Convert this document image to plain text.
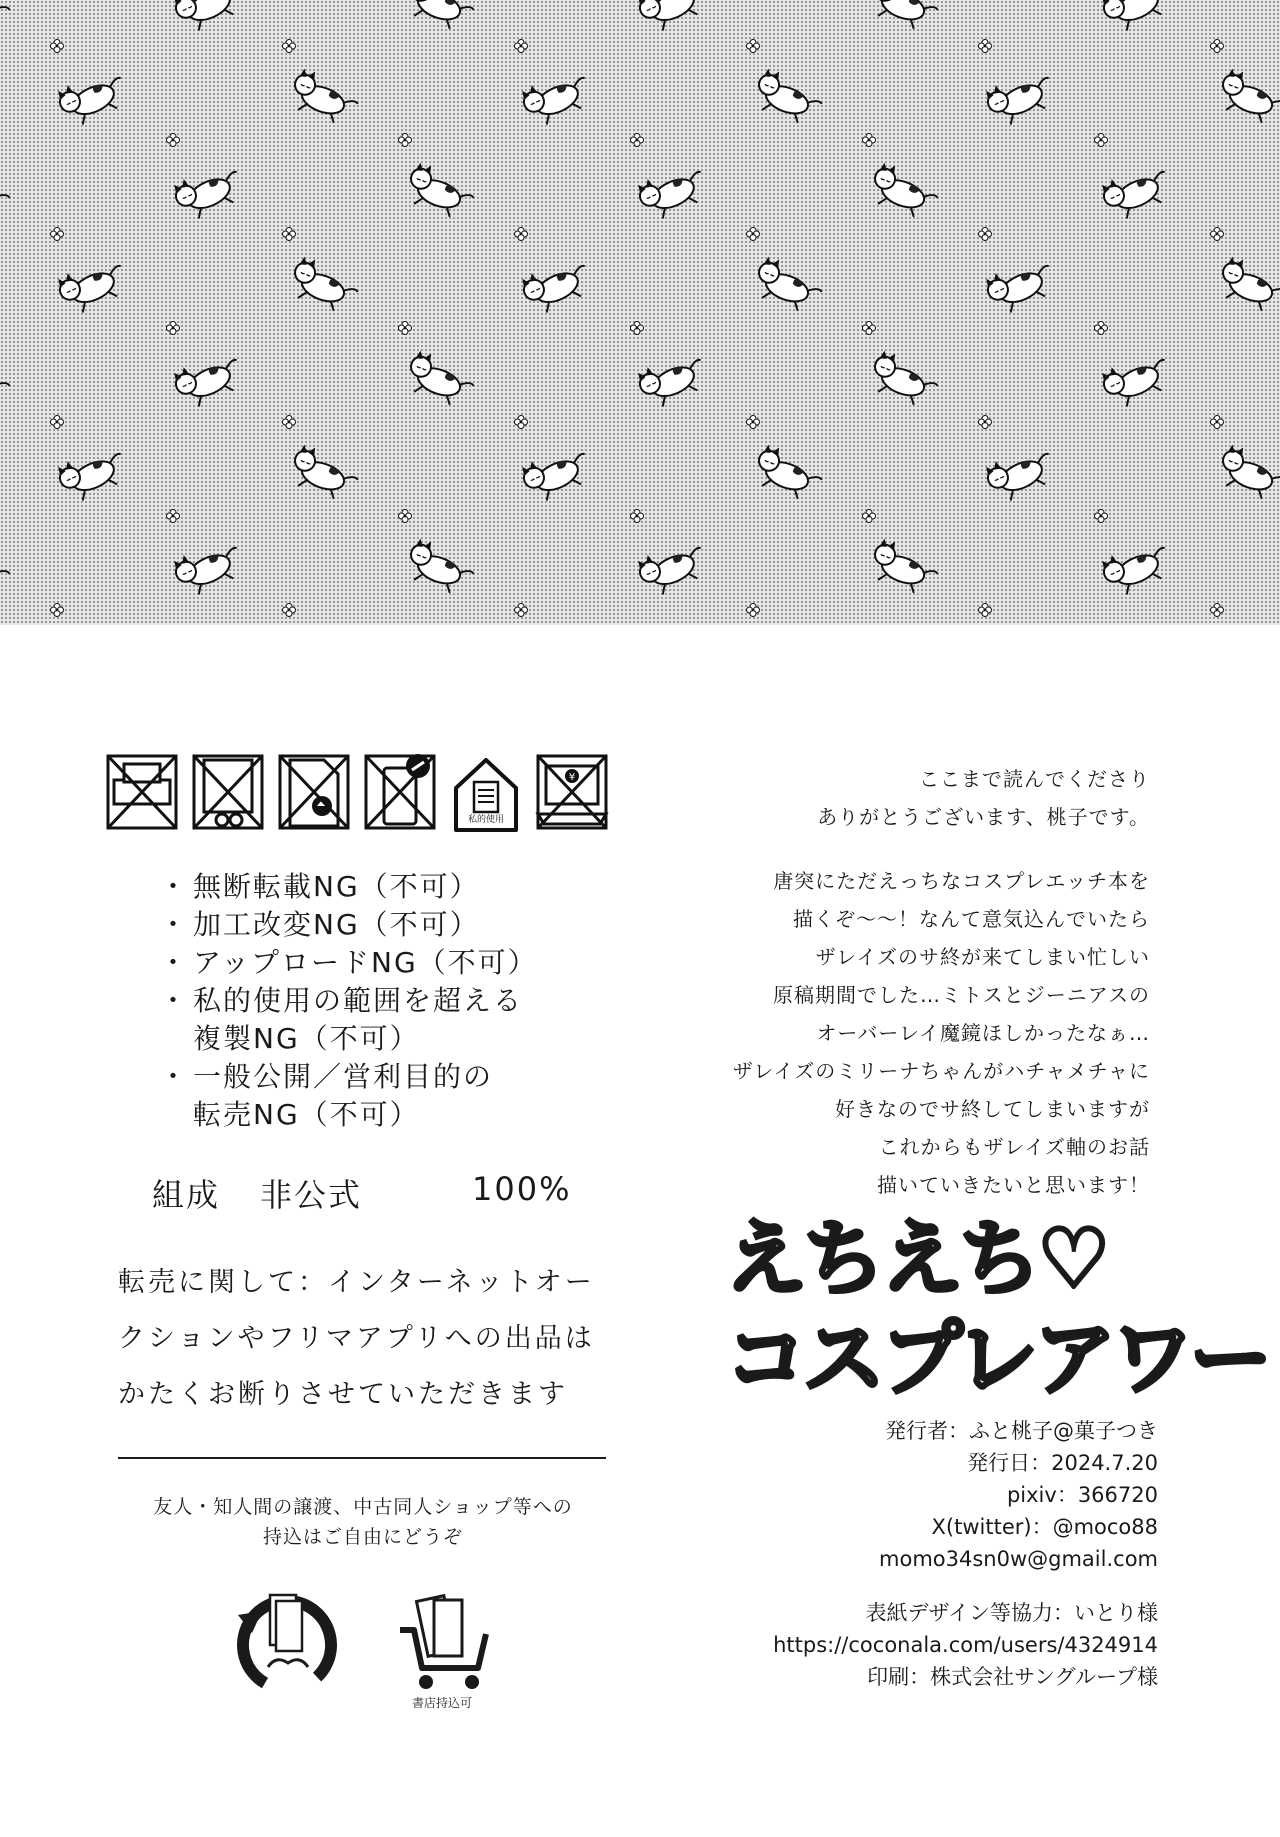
私的使用
¥
・ 無断転載NG（不可）
・ 加工改変NG（不可）
・ アップロードNG（不可）
・ 私的使用の範囲を超える
複製NG（不可）
・ 一般公開／営利目的の
転売NG（不可）
組成 非公式	100%
転売に関して：インターネットオー
クションやフリマアプリへの出品は
かたくお断りさせていただきます
友人・知人間の譲渡、中古同人ショップ等への
持込はご自由にどうぞ
書店持込可

ここまで読んでくださり

ありがとうございます、桃子です。

唐突にただえっちなコスプレエッチ本を

描くぞ〜〜！なんて意気込んでいたら

ザレイズのサ終が来てしまい忙しい

原稿期間でした…ミトスとジーニアスの

オーバーレイ魔鏡ほしかったなぁ…

ザレイズのミリーナちゃんがハチャメチャに

好きなのでサ終してしまいますが

これからもザレイズ軸のお話

描いていきたいと思います！

えちえち♡
コスプレアワー
発行者：ふと桃子@菓子つき
発行日：2024.7.20
pixiv：366720
X(twitter)：@moco88
momo34sn0w@gmail.com
表紙デザイン等協力：いとり様
https://coconala.com/users/4324914
印刷：株式会社サングループ様
